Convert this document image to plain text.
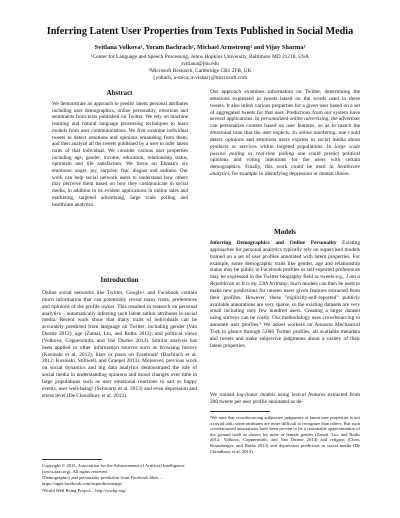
Inferring Latent User Properties from Texts Published in Social Media
Svitlana Volkova¹, Yoram Bachrach², Michael Armstrong² and Vijay Sharma²
¹Center for Language and Speech Processing, Johns Hopkins University, Baltimore MD 21218, USA
svitlana@jhu.edu
²Microsoft Research, Cambridge CB1 2FB, UK
{yobach, a-mica, a-vishar}@microsoft.com
Abstract
We demonstrate an approach to predict latent personal attributes including user demographics, online personality, emotions and sentiments from texts published on Twitter. We rely on machine learning and natural language processing techniques to learn models from user communications. We first examine individual tweets to detect emotions and opinions emanating from them, and then analyze all the tweets published by a user to infer latent traits of that individual. We consider various user properties including age, gender, income, education, relationship status, optimism and life satisfaction. We focus on Ekman's six emotions: anger, joy, surprise, fear, disgust and sadness. Our work can help social network users to understand how others may perceive them based on how they communicate in social media, in addition to its evident applications in online sales and marketing, targeted advertising, large scale polling and healthcare analytics.
Introduction
Online social networks like Twitter, Google+ and Facebook contain much information that can potentially reveal many traits, preferences and opinions of the profile owner. This resulted in research on personal analytics – automatically inferring such latent author attributes in social media. Recent work show that many traits of individuals can be accurately predicted from language on Twitter, including gender (Van Durme 2012), age (Zamal, Liu, and Ruths 2012), and political views (Volkova, Coppersmith, and Van Durme 2014). Similar analysis has been applied to other information sources such as browsing history (Kosinski et al. 2012), likes or posts on Facebook¹ (Bachrach et al. 2012; Kosinski, Stillwell, and Graepel 2013). Moreover, previous work on social dynamics and big data analytics demonstrated the role of social media in understanding opinions and mood changes over time in large populations such as user emotional reactions to sad or happy events, user well-being² (Schwartz et al. 2013) and even depression and stress level (De Choudhury et al. 2013).
Copyright © 2015, Association for the Advancement of Artificial Intelligence (www.aaai.org). All rights reserved.
¹Demographics and personality prediction from Facebook likes – https://apps.facebook.com/snpredictionapp/
²World Well Being Project – http://wwbp.org/
Our approach examines information on Twitter, determining the emotions expressed in tweets based on the words used in these tweets. It also infers various properties for a given user based on a set of aggregated tweets for that user. Predictions from our system have several applications. In personalized online advertising, the advertiser can personalize content based on user features, so as to match the emotional tone that the user expects. In online marketing, one could detect opinions and emotions users express in social media about products or services within targeted populations. In large scale passive polling or real-time polling one could predict political opinions and voting intentions for the users with certain demographics. Finally, this work could be used in healthcare analytics, for example in identifying depression or mental illness.
Models
Inferring Demographics and Online Personality Existing approaches for personal analytics typically rely on supervised models trained on a set of user profiles annotated with latent properties. For example, some demographic traits like gender, age and relationship status may be public in Facebook profiles or self-reported preferences may be expressed in the Twitter biography field or tweets e.g., I am a Republican or It is my 23th birthday. Such models can then be used to make new predictions for unseen users given features extracted from their profiles. However, these "explicitly-self-reported" publicly available annotations are very sparse, so the existing datasets are very small including only few hundred users. Creating a larger dataset using surveys can be costly. Our methodology uses crowdsourcing to annotate user profiles.³ We asked workers on Amazon Mechanical Turk to glance through 5,000 Twitter profiles, all available metadata and tweets and make subjective judgments about a variety of their latent properties.
We trained log-linear models using lexical features extracted from 200 tweets per user profile annotated as de-
³We note that crowdsourcing subjective judgments of latent user properties is not a trivial task; some attributes are more difficult to recognize than others. But such crowdsourced annotations have been proven to be a reasonable approximation of the ground truth as shown for male or female gender (Zamal, Liu, and Ruths 2012; Volkova, Coppersmith, and Van Durme 2014) and religion (Chen, Rosenberger, and Ruths 2013) and depression prediction in social media (De Choudhury et al. 2013).
